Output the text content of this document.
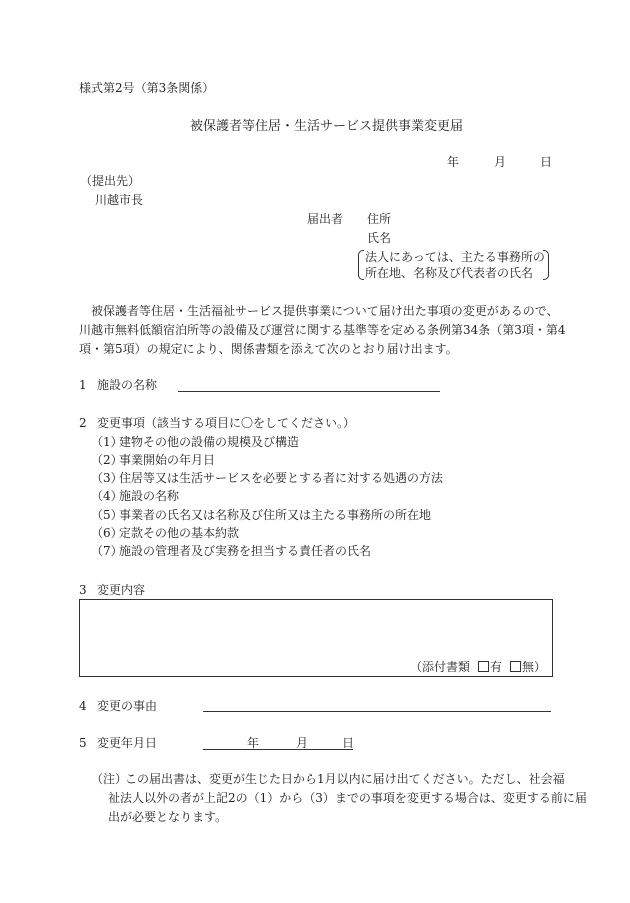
様式第2号（第3条関係）
被保護者等住居・生活サービス提供事業変更届
年	月	日
（提出先）
川越市長
届出者 住所
氏名
法人にあっては、主たる事務所の
所在地、名称及び代表者の氏名
被保護者等住居・生活福祉サービス提供事業について届け出た事項の変更があるので、
川越市無料低額宿泊所等の設備及び運営に関する基準等を定める条例第34条（第3項・第4
項・第5項）の規定により、関係書類を添えて次のとおり届け出ます。
1 施設の名称
2 変更事項（該当する項目に〇をしてください。）
（1）
建物その他の設備の規模及び構造
（2）
事業開始の年月日
（3）
住居等又は生活サービスを必要とする者に対する処遇の方法
（4）
施設の名称
（5）
事業者の氏名又は名称及び住所又は主たる事務所の所在地
（6）
定款その他の基本約款
（7）
施設の管理者及び実務を担当する責任者の氏名
3 変更内容
（添付書類 有 無）
4 変更の事由
5 変更年月日	年	月	日
（注）
この届出書は、変更が生じた日から1月以内に届け出てください。ただし、社会福
祉法人以外の者が上記2の（1）から（3）までの事項を変更する場合は、変更する前に届
出が必要となります。
